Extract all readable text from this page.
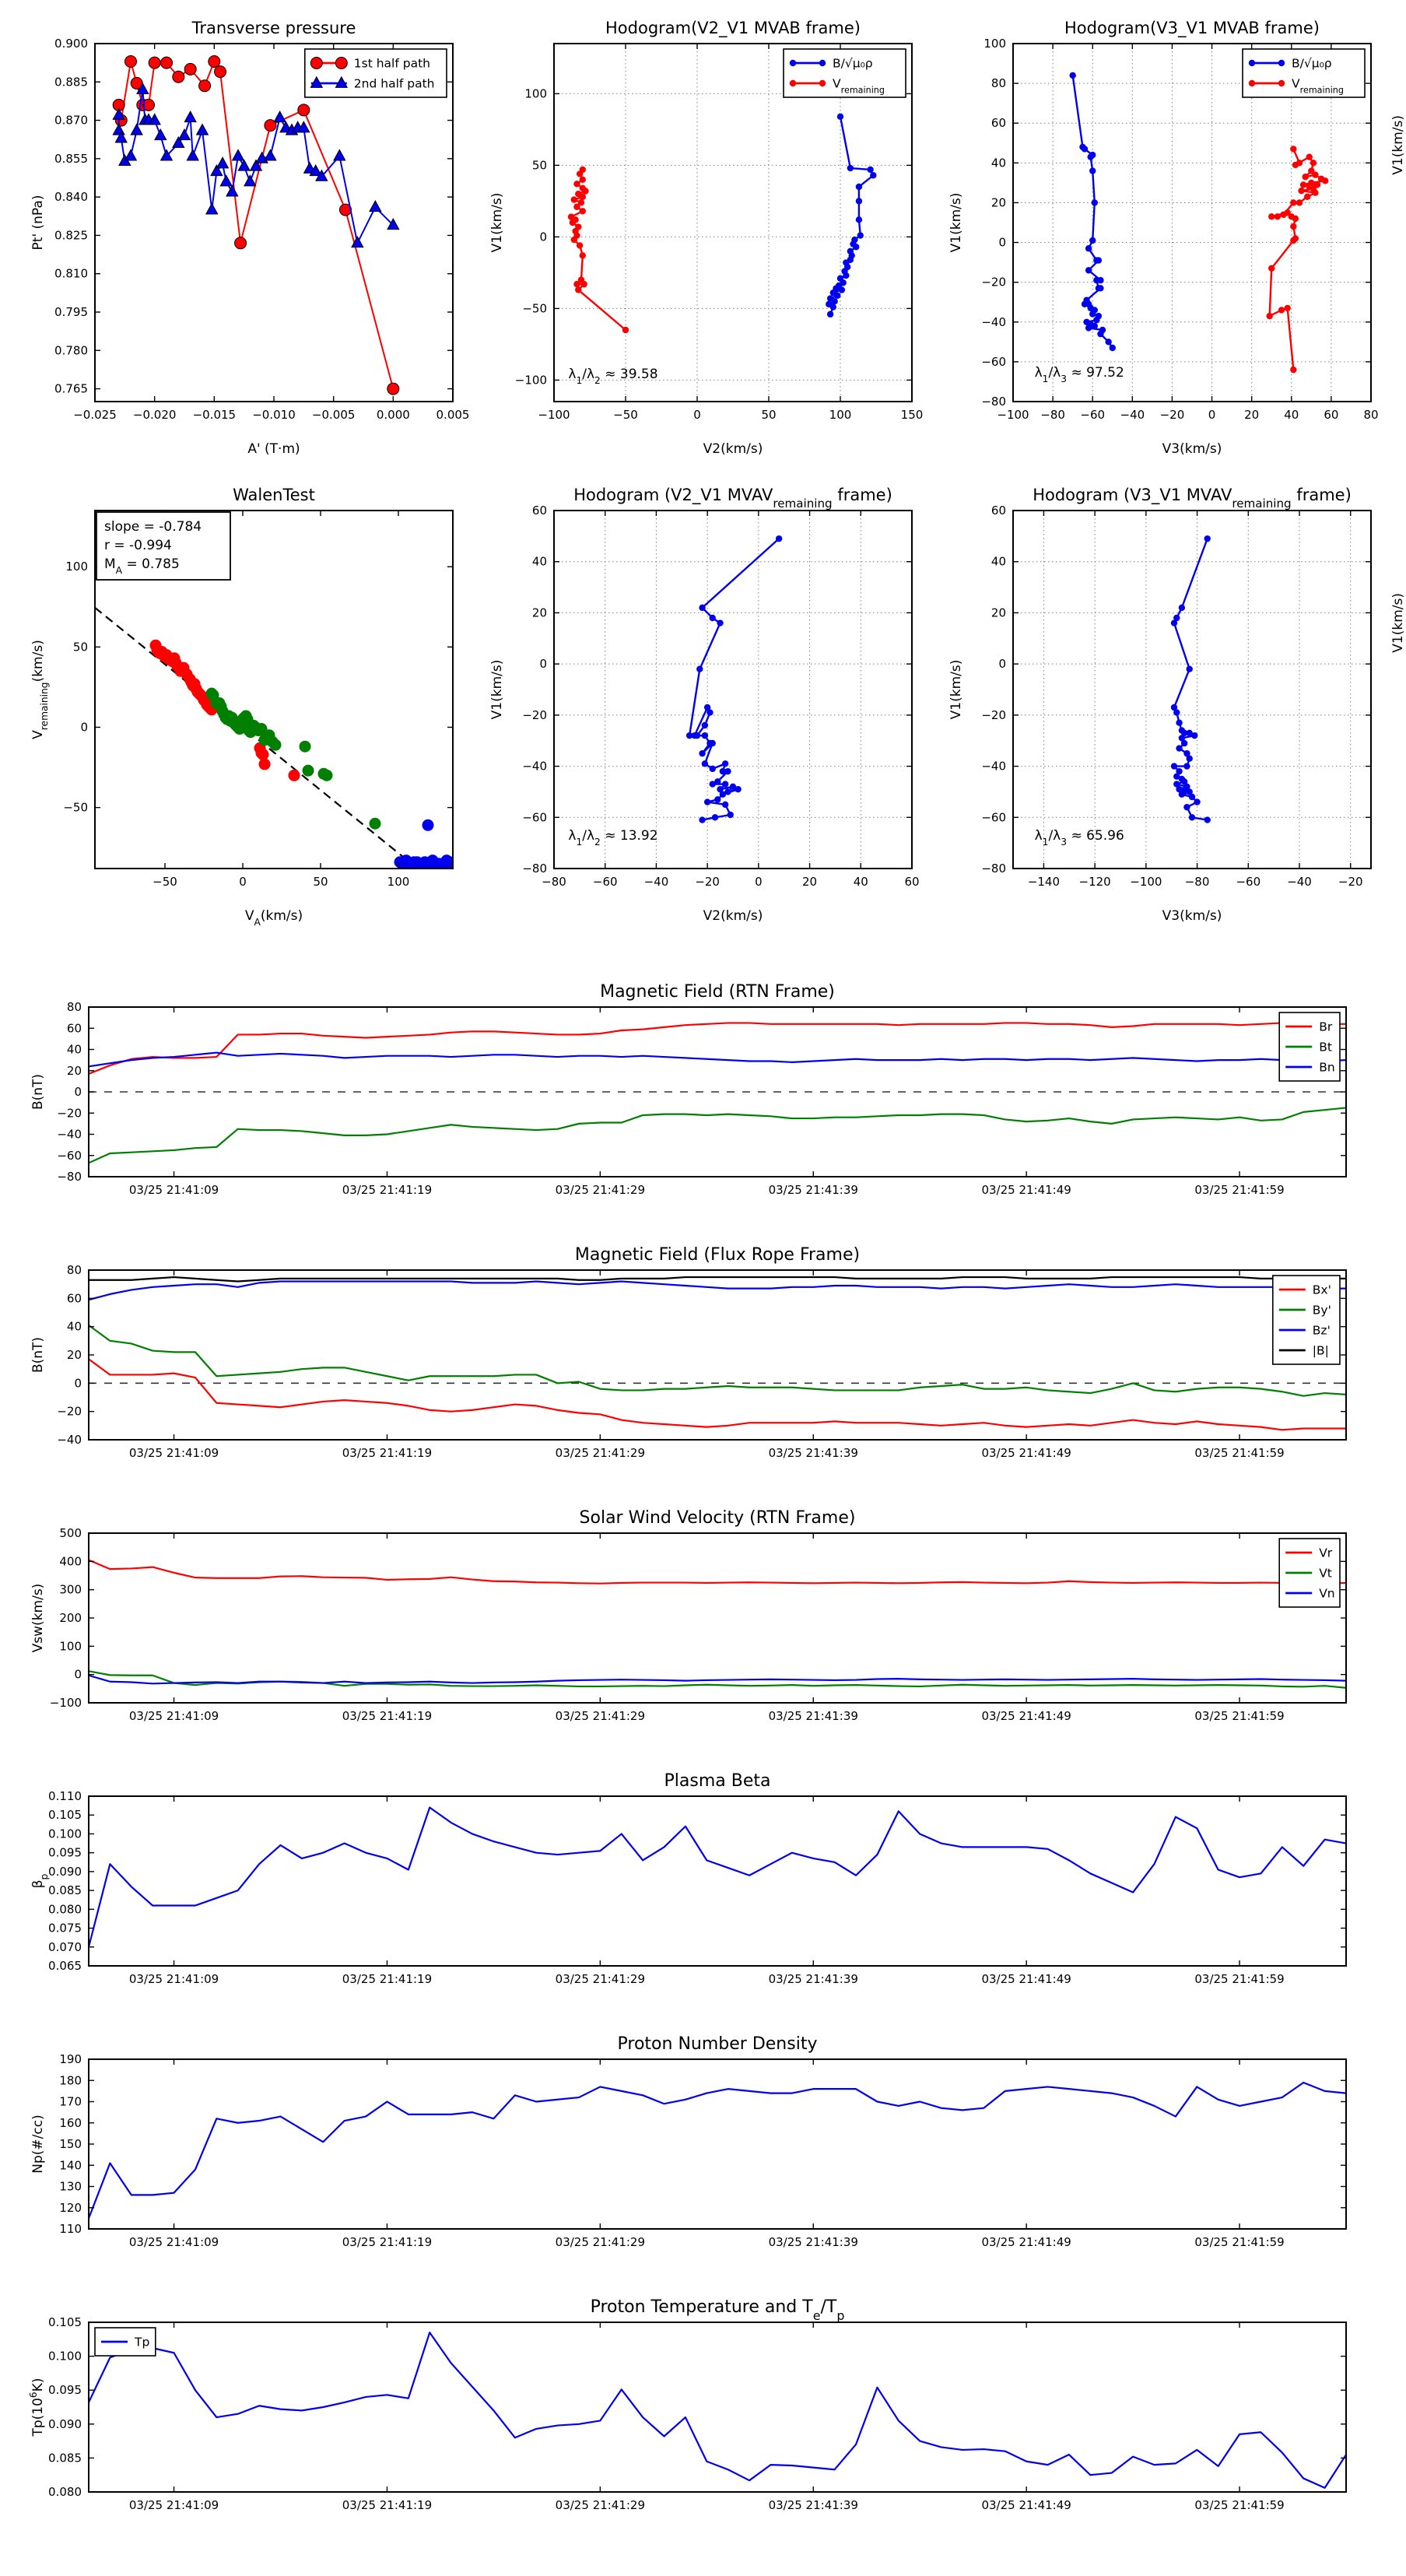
−0.025 −0.020 −0.015 −0.010 −0.005 0.000 0.005
0.765
0.780
0.795
0.810
0.825
0.840
0.855
0.870
0.885
0.900
Transverse pressure
A' (T·m)
Pt' (nPa)
1st half path
2nd half path
−100	−50	0	50	100	150
−100
−50
0
50
100
Hodogram(V2_V1 MVAB frame)
V2(km/s)
V1(km/s)
$\lambda_1/\lambda_2 \approx 39.58$
B/√μ₀ρ
$V_{remaining}$
−100 −80 −60 −40 −20 0 20 40 60 80
−80
−60
−40
−20
0
20
40
60
80
100
Hodogram(V3_V1 MVAB frame)
V3(km/s)
V1(km/s)
$\lambda_1/\lambda_3 \approx 97.52$
B/√μ₀ρ
$V_{remaining}$
−50	0	50	100
−50
0
50
100
WalenTest
$V_A(km/s)$
$V_{remaining}(km/s)$
slope = -0.784
r = -0.994
$M_A = 0.785$
−80 −60 −40 −20	0	20	40	60
−80
−60
−40
−20
0
20
40
60
Hodogram (V2_V1 $MVAV_{remaining}$ frame)
V2(km/s)
V1(km/s)
$\lambda_1/\lambda_2 \approx 13.92$
−140 −120 −100 −80 −60 −40 −20
−80
−60
−40
−20
0
20
40
60
Hodogram (V3_V1 $MVAV_{remaining}$ frame)
V3(km/s)
V1(km/s)
$\lambda_1/\lambda_3 \approx 65.96$
03/25 21:41:09	03/25 21:41:19	03/25 21:41:29	03/25 21:41:39	03/25 21:41:49	03/25 21:41:59
−80
−60
−40
−20
0
20
40
60
80
Magnetic Field (RTN Frame)
B(nT)
Br
Bt
Bn
03/25 21:41:09	03/25 21:41:19	03/25 21:41:29	03/25 21:41:39	03/25 21:41:49	03/25 21:41:59
−40
−20
0
20
40
60
80
Magnetic Field (Flux Rope Frame)
B(nT)
Bx'
By'
Bz'
|B|
03/25 21:41:09	03/25 21:41:19	03/25 21:41:29	03/25 21:41:39	03/25 21:41:49	03/25 21:41:59
−100
0
100
200
300
400
500
Solar Wind Velocity (RTN Frame)
Vsw(km/s)
Vr
Vt
Vn
03/25 21:41:09	03/25 21:41:19	03/25 21:41:29	03/25 21:41:39	03/25 21:41:49	03/25 21:41:59
0.065
0.070
0.075
0.080
0.085
0.090
0.095
0.100
0.105
0.110
Plasma Beta
$\beta_p$
03/25 21:41:09	03/25 21:41:19	03/25 21:41:29	03/25 21:41:39	03/25 21:41:49	03/25 21:41:59
110
120
130
140
150
160
170
180
190
Proton Number Density
Np(#/cc)
03/25 21:41:09	03/25 21:41:19	03/25 21:41:29	03/25 21:41:39	03/25 21:41:49	03/25 21:41:59
0.080
0.085
0.090
0.095
0.100
0.105
Proton Temperature and $T_e/T_p$
$Tp(10^6K)$
Tp
V1(km/s)
V1(km/s)
